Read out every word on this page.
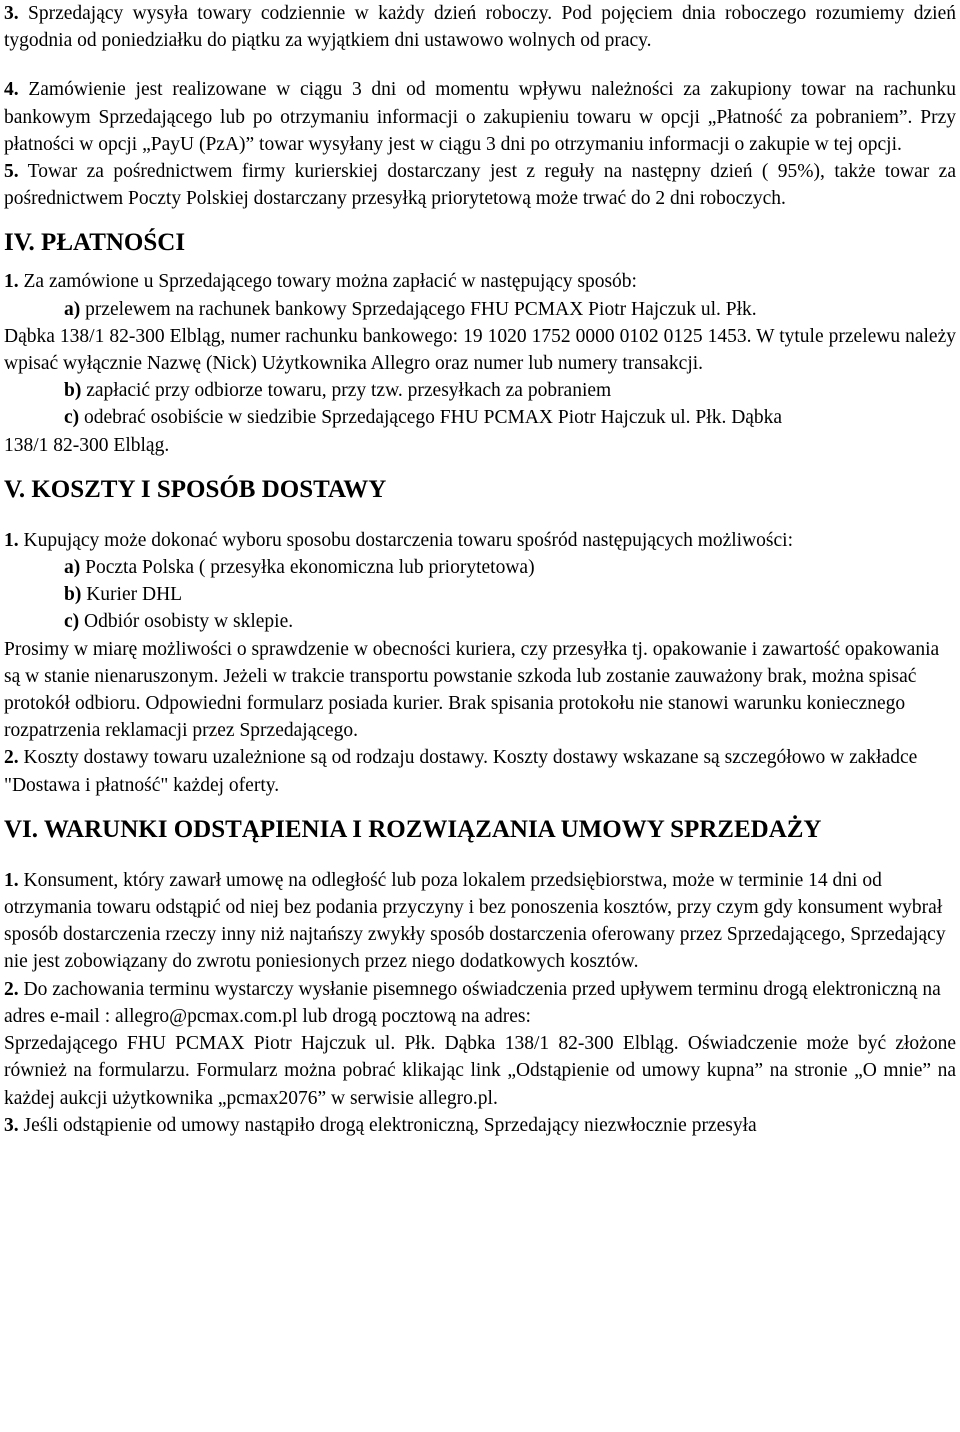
3. Sprzedający wysyła towary codziennie w każdy dzień roboczy. Pod pojęciem dnia roboczego rozumiemy dzień tygodnia od poniedziałku do piątku za wyjątkiem dni ustawowo wolnych od pracy.

4. Zamówienie jest realizowane w ciągu 3 dni od momentu wpływu należności za zakupiony towar na rachunku bankowym Sprzedającego lub po otrzymaniu informacji o zakupieniu towaru w opcji „Płatność za pobraniem”. Przy płatności w opcji „PayU (PzA)” towar wysyłany jest w ciągu 3 dni po otrzymaniu informacji o zakupie w tej opcji.

5. Towar za pośrednictwem firmy kurierskiej dostarczany jest z reguły na następny dzień ( 95%), także towar za pośrednictwem Poczty Polskiej dostarczany przesyłką priorytetową może trwać do 2 dni roboczych.

IV. PŁATNOŚCI

1. Za zamówione u Sprzedającego towary można zapłacić w następujący sposób:

a) przelewem na rachunek bankowy Sprzedającego FHU PCMAX Piotr Hajczuk ul. Płk.

Dąbka 138/1 82-300 Elbląg, numer rachunku bankowego: 19 1020 1752 0000 0102 0125 1453. W tytule przelewu należy wpisać wyłącznie Nazwę (Nick) Użytkownika Allegro oraz numer lub numery transakcji.

b) zapłacić przy odbiorze towaru, przy tzw. przesyłkach za pobraniem

c) odebrać osobiście w siedzibie Sprzedającego FHU PCMAX Piotr Hajczuk ul. Płk. Dąbka

138/1 82-300 Elbląg.

V. KOSZTY I SPOSÓB DOSTAWY

1. Kupujący może dokonać wyboru sposobu dostarczenia towaru spośród następujących możliwości:

a) Poczta Polska ( przesyłka ekonomiczna lub priorytetowa)

b) Kurier DHL

c) Odbiór osobisty w sklepie.

Prosimy w miarę możliwości o sprawdzenie w obecności kuriera, czy przesyłka tj. opakowanie i zawartość opakowania są w stanie nienaruszonym. Jeżeli w trakcie transportu powstanie szkoda lub zostanie zauważony brak, można spisać protokół odbioru. Odpowiedni formularz posiada kurier. Brak spisania protokołu nie stanowi warunku koniecznego rozpatrzenia reklamacji przez Sprzedającego.

2. Koszty dostawy towaru uzależnione są od rodzaju dostawy. Koszty dostawy wskazane są szczegółowo w zakładce "Dostawa i płatność" każdej oferty.

VI. WARUNKI ODSTĄPIENIA I ROZWIĄZANIA UMOWY SPRZEDAŻY

1. Konsument, który zawarł umowę na odległość lub poza lokalem przedsiębiorstwa, może w terminie 14 dni od otrzymania towaru odstąpić od niej bez podania przyczyny i bez ponoszenia kosztów, przy czym gdy konsument wybrał sposób dostarczenia rzeczy inny niż najtańszy zwykły sposób dostarczenia oferowany przez Sprzedającego, Sprzedający nie jest zobowiązany do zwrotu poniesionych przez niego dodatkowych kosztów.

2. Do zachowania terminu wystarczy wysłanie pisemnego oświadczenia przed upływem terminu drogą elektroniczną na adres e-mail : allegro@pcmax.com.pl lub drogą pocztową na adres:

Sprzedającego FHU PCMAX Piotr Hajczuk ul. Płk. Dąbka 138/1 82-300 Elbląg. Oświadczenie może być złożone również na formularzu. Formularz można pobrać klikając link „Odstąpienie od umowy kupna” na stronie „O mnie” na każdej aukcji użytkownika „pcmax2076” w serwisie allegro.pl.

3. Jeśli odstąpienie od umowy nastąpiło drogą elektroniczną, Sprzedający niezwłocznie przesyła
